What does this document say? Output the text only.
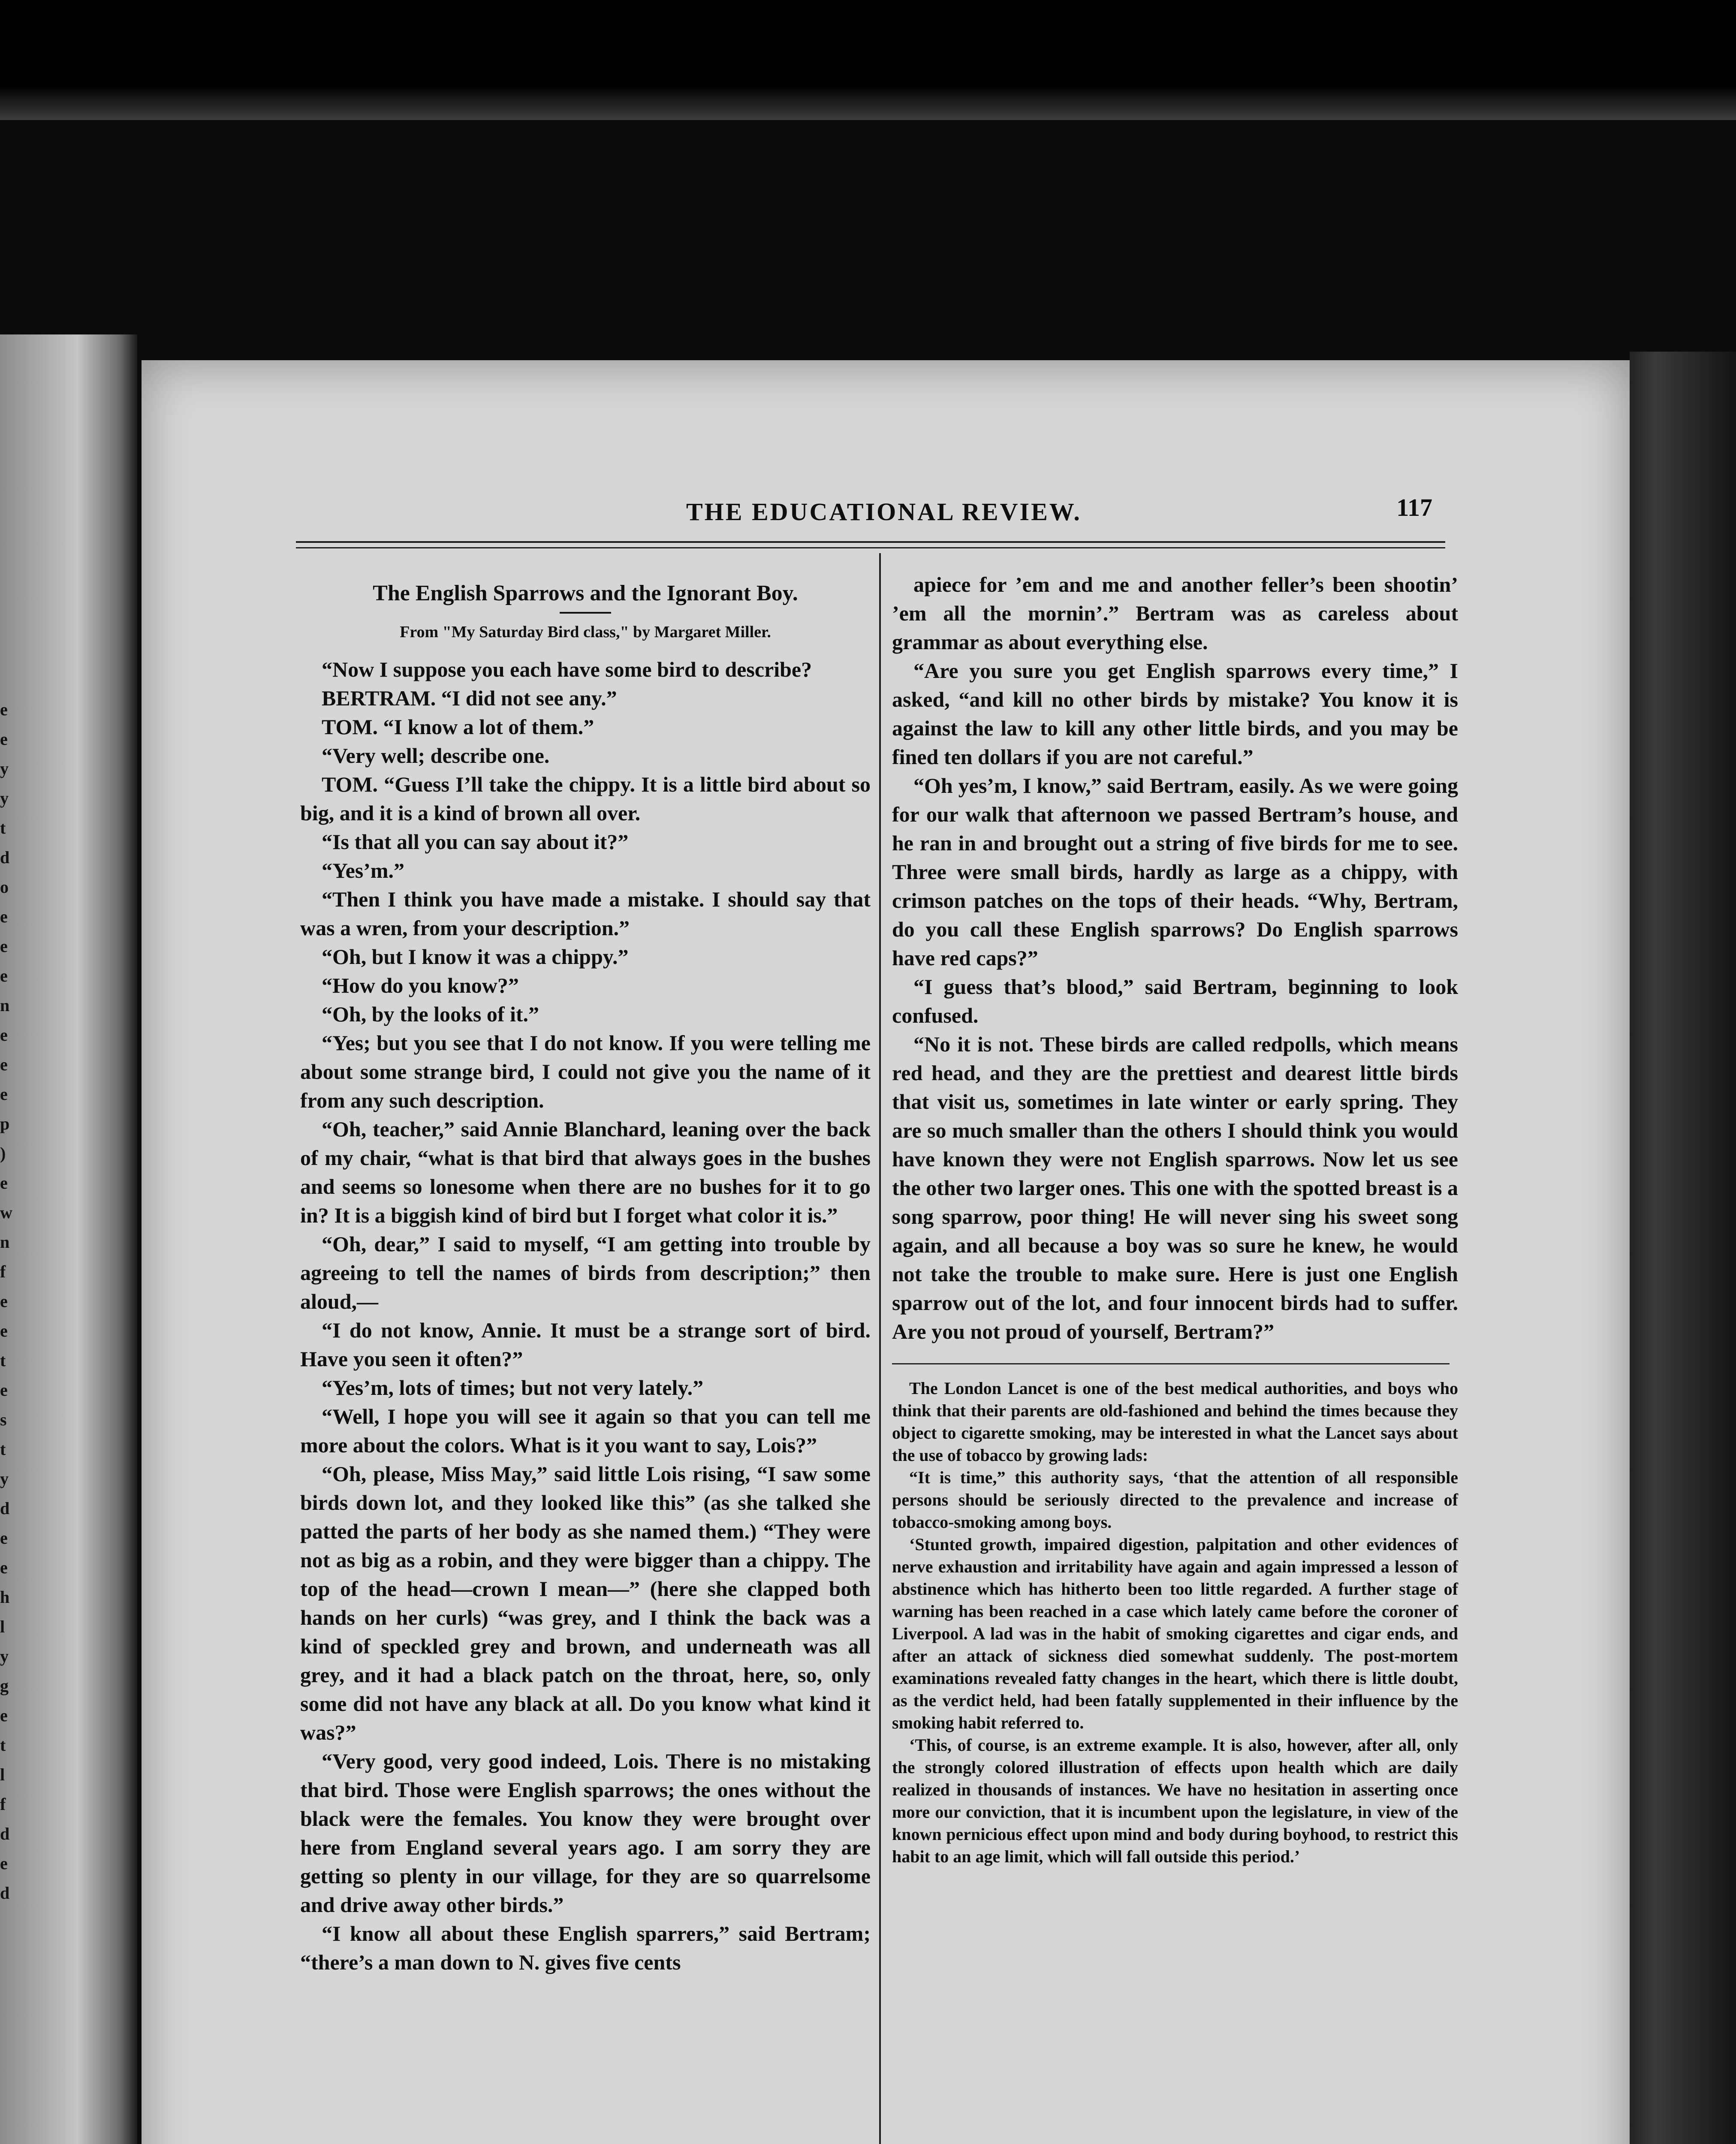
e
e
y
y
t
d
o
e
e
e
n
e
e
e
p
)
e
w
n
f
e
e
t
e
s
t
y
d
e
e
h
l
y
g
e
t
l
f
d
e
d
THE EDUCATIONAL REVIEW.	117
The English Sparrows and the Ignorant Boy.
From "My Saturday Bird class," by Margaret Miller.

“Now I suppose you each have some bird to describe?

BERTRAM. “I did not see any.”

TOM. “I know a lot of them.”

“Very well; describe one.

TOM. “Guess I’ll take the chippy. It is a little bird about so big, and it is a kind of brown all over.

“Is that all you can say about it?”

“Yes’m.”

“Then I think you have made a mistake. I should say that was a wren, from your description.”

“Oh, but I know it was a chippy.”

“How do you know?”

“Oh, by the looks of it.”

“Yes; but you see that I do not know. If you were telling me about some strange bird, I could not give you the name of it from any such description.

“Oh, teacher,” said Annie Blanchard, leaning over the back of my chair, “what is that bird that always goes in the bushes and seems so lonesome when there are no bushes for it to go in? It is a biggish kind of bird but I forget what color it is.”

“Oh, dear,” I said to myself, “I am getting into trouble by agreeing to tell the names of birds from description;” then aloud,—

“I do not know, Annie. It must be a strange sort of bird. Have you seen it often?”

“Yes’m, lots of times; but not very lately.”

“Well, I hope you will see it again so that you can tell me more about the colors. What is it you want to say, Lois?”

“Oh, please, Miss May,” said little Lois rising, “I saw some birds down lot, and they looked like this” (as she talked she patted the parts of her body as she named them.) “They were not as big as a robin, and they were bigger than a chippy. The top of the head—crown I mean—” (here she clapped both hands on her curls) “was grey, and I think the back was a kind of speckled grey and brown, and underneath was all grey, and it had a black patch on the throat, here, so, only some did not have any black at all. Do you know what kind it was?”

“Very good, very good indeed, Lois. There is no mistaking that bird. Those were English sparrows; the ones without the black were the females. You know they were brought over here from England several years ago. I am sorry they are getting so plenty in our village, for they are so quarrelsome and drive away other birds.”

“I know all about these English sparrers,” said Bertram; “there’s a man down to N. gives five cents

apiece for ’em and me and another feller’s been shootin’ ’em all the mornin’.” Bertram was as careless about grammar as about everything else.

“Are you sure you get English sparrows every time,” I asked, “and kill no other birds by mistake? You know it is against the law to kill any other little birds, and you may be fined ten dollars if you are not careful.”

“Oh yes’m, I know,” said Bertram, easily. As we were going for our walk that afternoon we passed Bertram’s house, and he ran in and brought out a string of five birds for me to see. Three were small birds, hardly as large as a chippy, with crimson patches on the tops of their heads. “Why, Bertram, do you call these English sparrows? Do English sparrows have red caps?”

“I guess that’s blood,” said Bertram, beginning to look confused.

“No it is not. These birds are called redpolls, which means red head, and they are the prettiest and dearest little birds that visit us, sometimes in late winter or early spring. They are so much smaller than the others I should think you would have known they were not English sparrows. Now let us see the other two larger ones. This one with the spotted breast is a song sparrow, poor thing! He will never sing his sweet song again, and all because a boy was so sure he knew, he would not take the trouble to make sure. Here is just one English sparrow out of the lot, and four innocent birds had to suffer. Are you not proud of yourself, Bertram?”

The London Lancet is one of the best medical authorities, and boys who think that their parents are old-fashioned and behind the times because they object to cigarette smoking, may be interested in what the Lancet says about the use of tobacco by growing lads:

“It is time,” this authority says, ‘that the attention of all responsible persons should be seriously directed to the prevalence and increase of tobacco-smoking among boys.

‘Stunted growth, impaired digestion, palpitation and other evidences of nerve exhaustion and irritability have again and again impressed a lesson of abstinence which has hitherto been too little regarded. A further stage of warning has been reached in a case which lately came before the coroner of Liverpool. A lad was in the habit of smoking cigarettes and cigar ends, and after an attack of sickness died somewhat suddenly. The post-mortem examinations revealed fatty changes in the heart, which there is little doubt, as the verdict held, had been fatally supplemented in their influence by the smoking habit referred to.

‘This, of course, is an extreme example. It is also, however, after all, only the strongly colored illustration of effects upon health which are daily realized in thousands of instances. We have no hesitation in asserting once more our conviction, that it is incumbent upon the legislature, in view of the known pernicious effect upon mind and body during boyhood, to restrict this habit to an age limit, which will fall outside this period.’
